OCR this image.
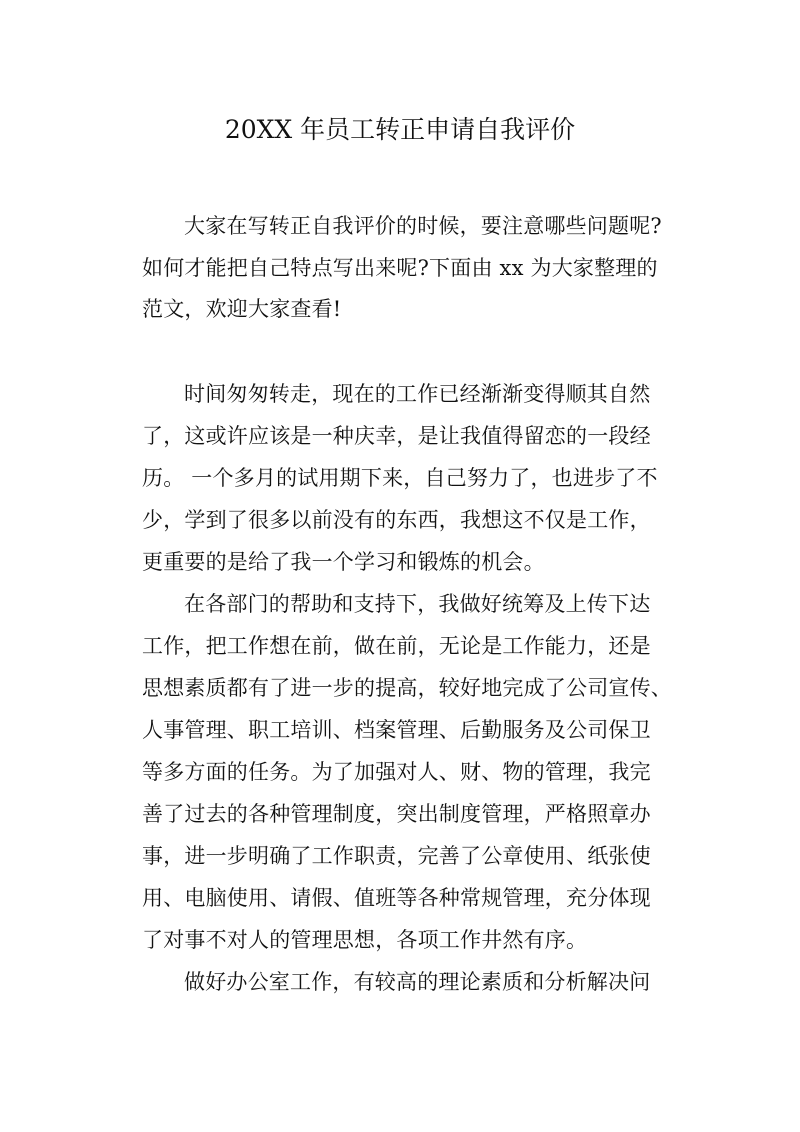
20XX 年员工转正申请自我评价
大家在写转正自我评价的时候，要注意哪些问题呢?
如何才能把自己特点写出来呢?下面由 xx 为大家整理的
范文，欢迎大家查看!
时间匆匆转走，现在的工作已经渐渐变得顺其自然
了，这或许应该是一种庆幸，是让我值得留恋的一段经
历。 一个多月的试用期下来，自己努力了，也进步了不
少，学到了很多以前没有的东西，我想这不仅是工作，
更重要的是给了我一个学习和锻炼的机会。
在各部门的帮助和支持下，我做好统筹及上传下达
工作，把工作想在前，做在前，无论是工作能力，还是
思想素质都有了进一步的提高，较好地完成了公司宣传、
人事管理、职工培训、档案管理、后勤服务及公司保卫
等多方面的任务。为了加强对人、财、物的管理，我完
善了过去的各种管理制度，突出制度管理，严格照章办
事，进一步明确了工作职责，完善了公章使用、纸张使
用、电脑使用、请假、值班等各种常规管理，充分体现
了对事不对人的管理思想，各项工作井然有序。
做好办公室工作，有较高的理论素质和分析解决问
